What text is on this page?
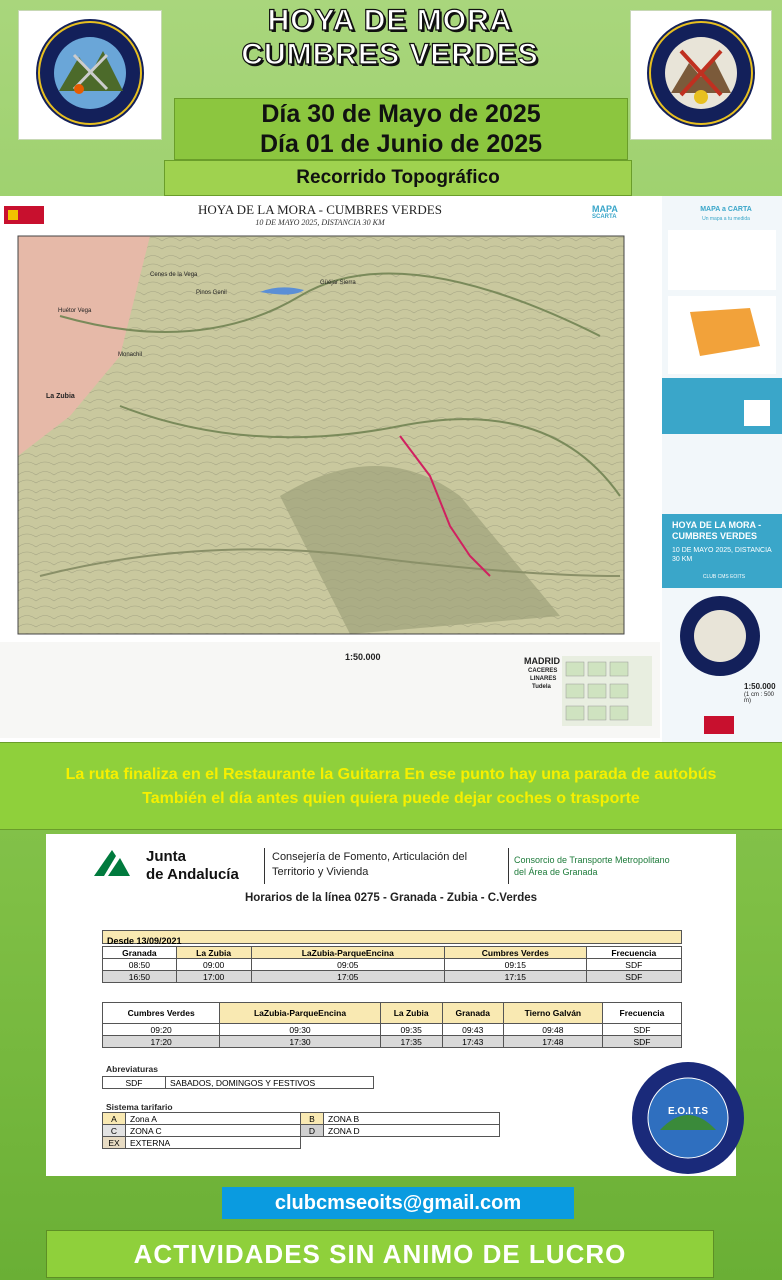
HOYA DE MORA
CUMBRES VERDES
Día 30 de Mayo de 2025
Día 01 de Junio de 2025
Recorrido Topográfico
HOYA DE LA MORA - CUMBRES VERDES
10 DE MAYO 2025, DISTANCIA 30 KM
MAPA
SCARTA
La Zubia
Monachil
Güéjar Sierra
Cenes de la Vega
Huétor Vega
Pinos Genil
1:50.000	MADRID
CACERES
LINARES
Tudela
MAPA a CARTA
Un mapa a tu medida
HOYA DE LA MORA - CUMBRES VERDES
10 DE MAYO 2025, DISTANCIA 30 KM
CLUB CMS EOITS
1:50.000
(1 cm : 500 m)
La ruta finaliza en el Restaurante la Guitarra En ese punto hay una parada de autobús
También el día antes quien quiera puede dejar coches o trasporte
Junta
de Andalucía
Consejería de Fomento, Articulación del
Territorio y Vivienda
Consorcio de Transporte Metropolitano
del Área de Granada
Horarios de la línea 0275 - Granada - Zubia - C.Verdes
Desde 13/09/2021
Granada	La Zubia	LaZubia-ParqueEncina	Cumbres Verdes	Frecuencia
08:50	09:00	09:05	09:15	SDF
16:50	17:00	17:05	17:15	SDF
Cumbres Verdes	LaZubia-ParqueEncina	La Zubia	Granada	Tierno Galván	Frecuencia
09:20	09:30	09:35	09:43	09:48	SDF
17:20	17:30	17:35	17:43	17:48	SDF
Abreviaturas
SDF	SABADOS, DOMINGOS Y FESTIVOS
Sistema tarifario
A	Zona A	B	ZONA B
C	ZONA C	D	ZONA D
EX	EXTERNA		
E.O.I.T.S
clubcmseoits@gmail.com
ACTIVIDADES SIN ANIMO DE LUCRO
